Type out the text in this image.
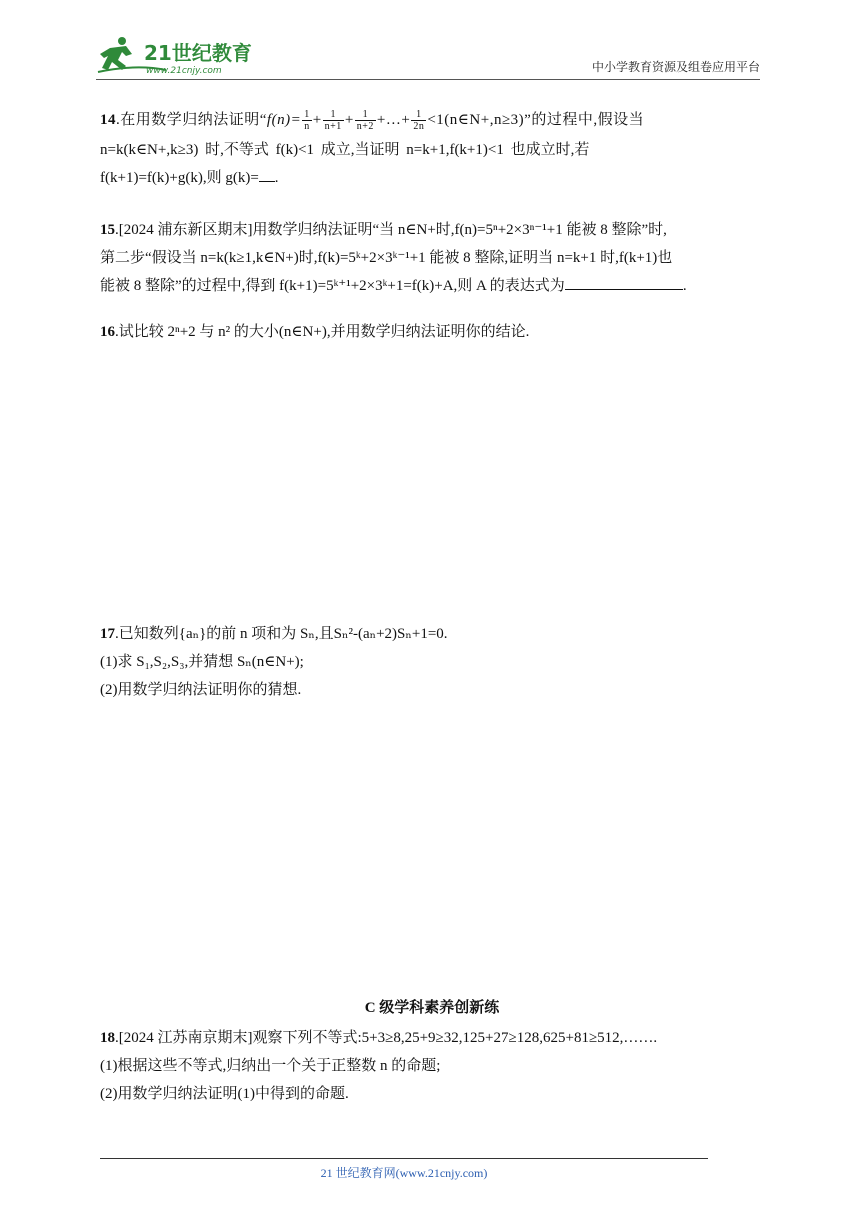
21世纪教育
www.21cnjy.com	中小学教育资源及组卷应用平台
14.在用数学归纳法证明“$f(n)= \frac{1}{n} + \frac{1}{n+1} + \frac{1}{n+2}$ +…+ $\frac{1}{2n}$ <1(n∈N+,n≥3)”的过程中,假设当
n=k(k∈N+,k≥3) 时,不等式 f(k)<1 成立,当证明 n=k+1,f(k+1)<1 也成立时,若
f(k+1)=f(k)+g(k),则 g(k)= .
15.[2024 浦东新区期末]用数学归纳法证明“当 n∈N+时,f(n)=5ⁿ+2×3ⁿ⁻¹+1 能被 8 整除”时,
第二步“假设当 n=k(k≥1,k∈N+)时,f(k)=5ᵏ+2×3ᵏ⁻¹+1 能被 8 整除,证明当 n=k+1 时,f(k+1)也
能被 8 整除”的过程中,得到 f(k+1)=5ᵏ⁺¹+2×3ᵏ+1=f(k)+A,则 A 的表达式为	.
16.试比较 2ⁿ+2 与 n² 的大小(n∈N+),并用数学归纳法证明你的结论.
17.已知数列{aₙ}的前 n 项和为 Sₙ,且Sₙ²-(aₙ+2)Sₙ+1=0.
(1)求 S₁,S₂,S₃,并猜想 Sₙ(n∈N+);
(2)用数学归纳法证明你的猜想.
C 级学科素养创新练
18.[2024 江苏南京期末]观察下列不等式:5+3≥8,25+9≥32,125+27≥128,625+81≥512,…….
(1)根据这些不等式,归纳出一个关于正整数 n 的命题;
(2)用数学归纳法证明(1)中得到的命题.
21 世纪教育网(www.21cnjy.com)
